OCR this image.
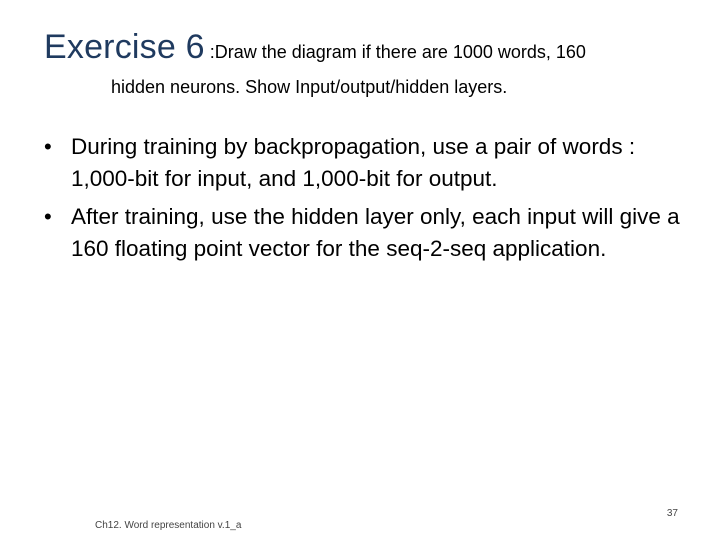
Exercise 6 :Draw the diagram if there are 1000 words, 160
hidden neurons. Show Input/output/hidden layers.
• During training by backpropagation, use a pair of words : 1,000-bit for input, and 1,000-bit for output.
• After training, use the hidden layer only, each input will give a 160 floating point vector for the seq-2-seq application.
Ch12. Word representation v.1_a
37
